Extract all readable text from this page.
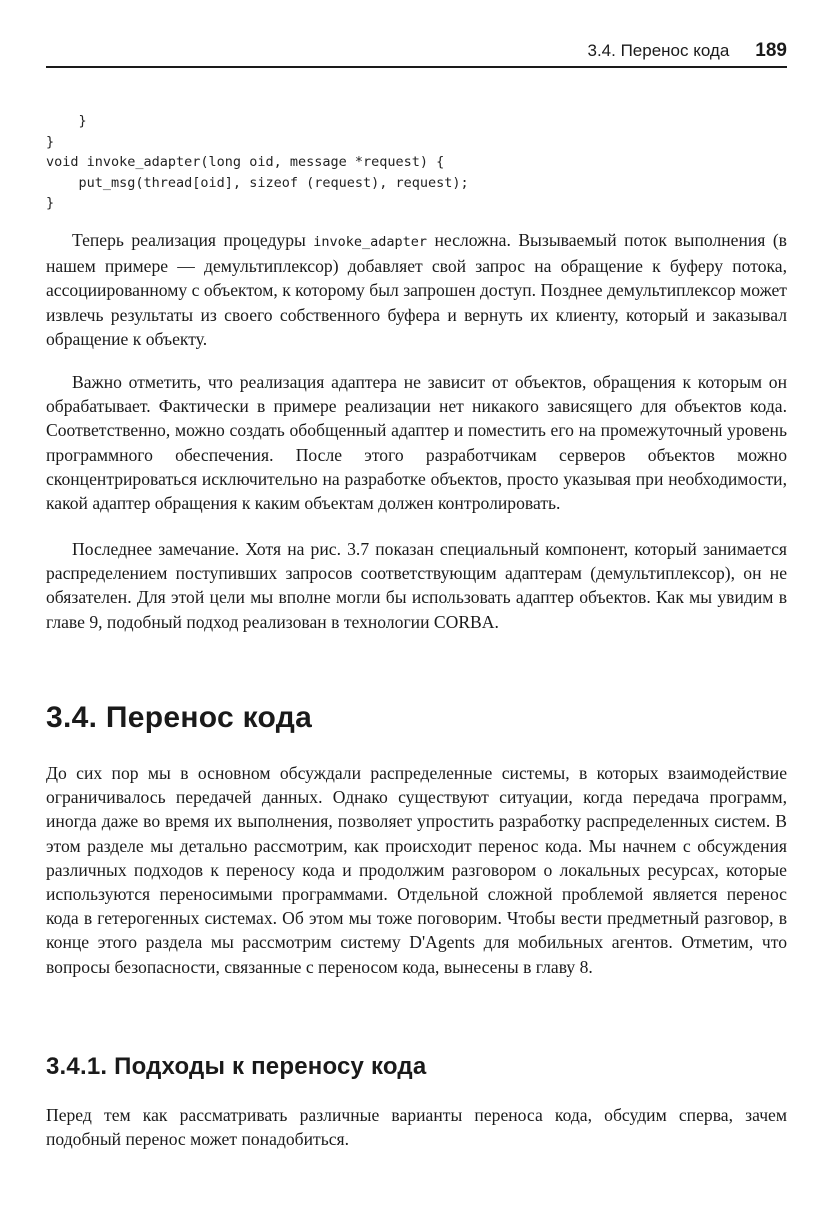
3.4. Перенос кода 189
}
}
void invoke_adapter(long oid, message *request) {
put_msg(thread[oid], sizeof (request), request);
}

Теперь реализация процедуры invoke_adapter несложна. Вызываемый поток выполнения (в нашем примере — демультиплексор) добавляет свой запрос на обращение к буферу потока, ассоциированному с объектом, к которому был запрошен доступ. Позднее демультиплексор может извлечь результаты из своего собственного буфера и вернуть их клиенту, который и заказывал обращение к объекту.

Важно отметить, что реализация адаптера не зависит от объектов, обращения к которым он обрабатывает. Фактически в примере реализации нет никакого зависящего для объектов кода. Соответственно, можно создать обобщенный адаптер и поместить его на промежуточный уровень программного обеспечения. После этого разработчикам серверов объектов можно сконцентрироваться исключительно на разработке объектов, просто указывая при необходимости, какой адаптер обращения к каким объектам должен контролировать.

Последнее замечание. Хотя на рис. 3.7 показан специальный компонент, который занимается распределением поступивших запросов соответствующим адаптерам (демультиплексор), он не обязателен. Для этой цели мы вполне могли бы использовать адаптер объектов. Как мы увидим в главе 9, подобный подход реализован в технологии CORBA.

3.4. Перенос кода

До сих пор мы в основном обсуждали распределенные системы, в которых взаимодействие ограничивалось передачей данных. Однако существуют ситуации, когда передача программ, иногда даже во время их выполнения, позволяет упростить разработку распределенных систем. В этом разделе мы детально рассмотрим, как происходит перенос кода. Мы начнем с обсуждения различных подходов к переносу кода и продолжим разговором о локальных ресурсах, которые используются переносимыми программами. Отдельной сложной проблемой является перенос кода в гетерогенных системах. Об этом мы тоже поговорим. Чтобы вести предметный разговор, в конце этого раздела мы рассмотрим систему D'Agents для мобильных агентов. Отметим, что вопросы безопасности, связанные с переносом кода, вынесены в главу 8.

3.4.1. Подходы к переносу кода

Перед тем как рассматривать различные варианты переноса кода, обсудим сперва, зачем подобный перенос может понадобиться.
